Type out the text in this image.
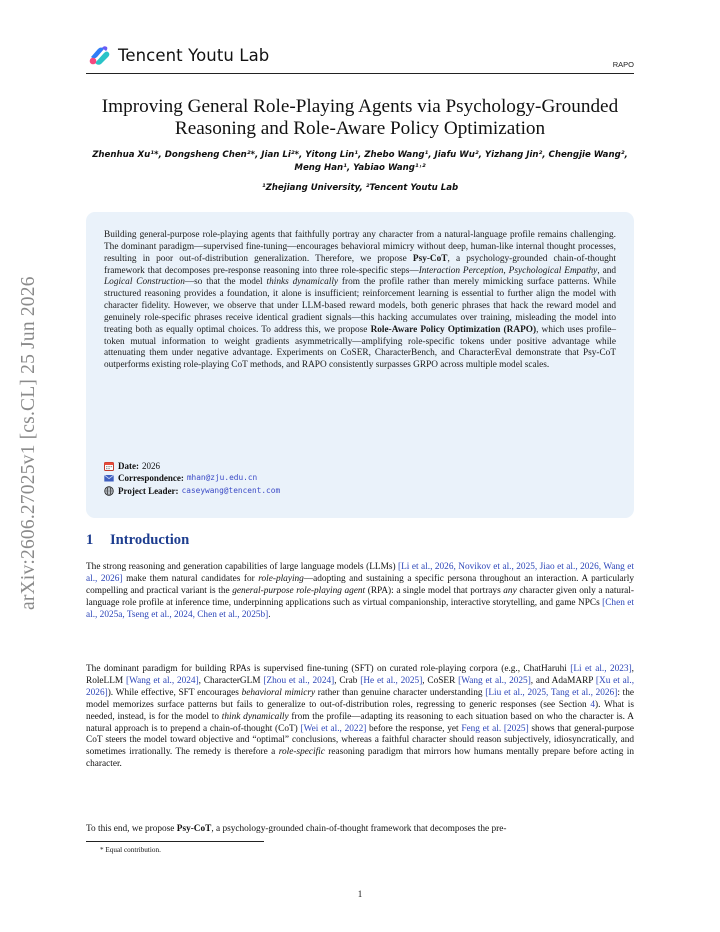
Tencent Youtu Lab	RAPO
arXiv:2606.27025v1 [cs.CL] 25 Jun 2026
Improving General Role-Playing Agents via Psychology-Grounded Reasoning and Role-Aware Policy Optimization
Zhenhua Xu¹*, Dongsheng Chen²*, Jian Li²*, Yitong Lin¹, Zhebo Wang¹, Jiafu Wu², Yizhang Jin², Chengjie Wang², Meng Han¹, Yabiao Wang¹˒²
¹Zhejiang University, ²Tencent Youtu Lab
Building general-purpose role-playing agents that faithfully portray any character from a natural-language profile remains challenging. The dominant paradigm—supervised fine-tuning—encourages behavioral mimicry without deep, human-like internal thought processes, resulting in poor out-of-distribution generalization. Therefore, we propose Psy-CoT, a psychology-grounded chain-of-thought framework that decomposes pre-response reasoning into three role-specific steps—Interaction Perception, Psychological Empathy, and Logical Construction—so that the model thinks dynamically from the profile rather than merely mimicking surface patterns. While structured reasoning provides a foundation, it alone is insufficient; reinforcement learning is essential to further align the model with character fidelity. However, we observe that under LLM-based reward models, both generic phrases that hack the reward model and genuinely role-specific phrases receive identical gradient signals—this hacking accumulates over training, misleading the model into treating both as equally optimal choices. To address this, we propose Role-Aware Policy Optimization (RAPO), which uses profile–token mutual information to weight gradients asymmetrically—amplifying role-specific tokens under positive advantage while attenuating them under negative advantage. Experiments on CoSER, CharacterBench, and CharacterEval demonstrate that Psy-CoT outperforms existing role-playing CoT methods, and RAPO consistently surpasses GRPO across multiple model scales.
Date: 2026
Correspondence: mhan@zju.edu.cn
Project Leader: caseywang@tencent.com
1 Introduction
The strong reasoning and generation capabilities of large language models (LLMs) [Li et al., 2026, Novikov et al., 2025, Jiao et al., 2026, Wang et al., 2026] make them natural candidates for role-playing—adopting and sustaining a specific persona throughout an interaction. A particularly compelling and practical variant is the general-purpose role-playing agent (RPA): a single model that portrays any character given only a natural-language role profile at inference time, underpinning applications such as virtual companionship, interactive storytelling, and game NPCs [Chen et al., 2025a, Tseng et al., 2024, Chen et al., 2025b].
The dominant paradigm for building RPAs is supervised fine-tuning (SFT) on curated role-playing corpora (e.g., ChatHaruhi [Li et al., 2023], RoleLLM [Wang et al., 2024], CharacterGLM [Zhou et al., 2024], Crab [He et al., 2025], CoSER [Wang et al., 2025], and AdaMARP [Xu et al., 2026]). While effective, SFT encourages behavioral mimicry rather than genuine character understanding [Liu et al., 2025, Tang et al., 2026]: the model memorizes surface patterns but fails to generalize to out-of-distribution roles, regressing to generic responses (see Section 4). What is needed, instead, is for the model to think dynamically from the profile—adapting its reasoning to each situation based on who the character is. A natural approach is to prepend a chain-of-thought (CoT) [Wei et al., 2022] before the response, yet Feng et al. [2025] shows that general-purpose CoT steers the model toward objective and “optimal” conclusions, whereas a faithful character should reason subjectively, idiosyncratically, and sometimes irrationally. The remedy is therefore a role-specific reasoning paradigm that mirrors how humans mentally prepare before acting in character.
To this end, we propose Psy-CoT, a psychology-grounded chain-of-thought framework that decomposes the pre-
* Equal contribution.
1
